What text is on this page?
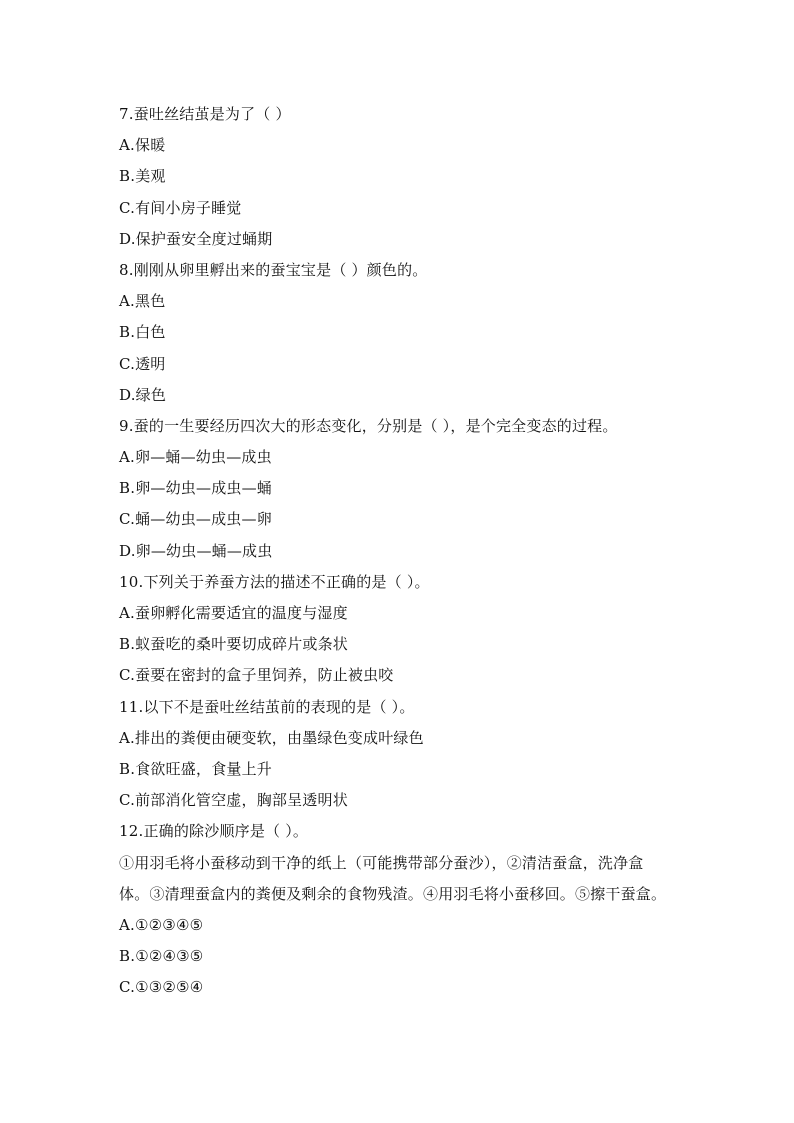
7.蚕吐丝结茧是为了（ ）
A.保暖
B.美观
C.有间小房子睡觉
D.保护蚕安全度过蛹期
8.刚刚从卵里孵出来的蚕宝宝是（ ）颜色的。
A.黑色
B.白色
C.透明
D.绿色
9.蚕的一生要经历四次大的形态变化，分别是（ ），是个完全变态的过程。
A.卵—蛹—幼虫—成虫
B.卵—幼虫—成虫—蛹
C.蛹—幼虫—成虫—卵
D.卵—幼虫—蛹—成虫
10.下列关于养蚕方法的描述不正确的是（ ）。
A.蚕卵孵化需要适宜的温度与湿度
B.蚁蚕吃的桑叶要切成碎片或条状
C.蚕要在密封的盒子里饲养，防止被虫咬
11.以下不是蚕吐丝结茧前的表现的是（ ）。
A.排出的粪便由硬变软，由墨绿色变成叶绿色
B.食欲旺盛，食量上升
C.前部消化管空虚，胸部呈透明状
12.正确的除沙顺序是（ ）。
①用羽毛将小蚕移动到干净的纸上（可能携带部分蚕沙），②清洁蚕盒，洗净盒
体。③清理蚕盒内的粪便及剩余的食物残渣。④用羽毛将小蚕移回。⑤擦干蚕盒。
A.①②③④⑤
B.①②④③⑤
C.①③②⑤④
